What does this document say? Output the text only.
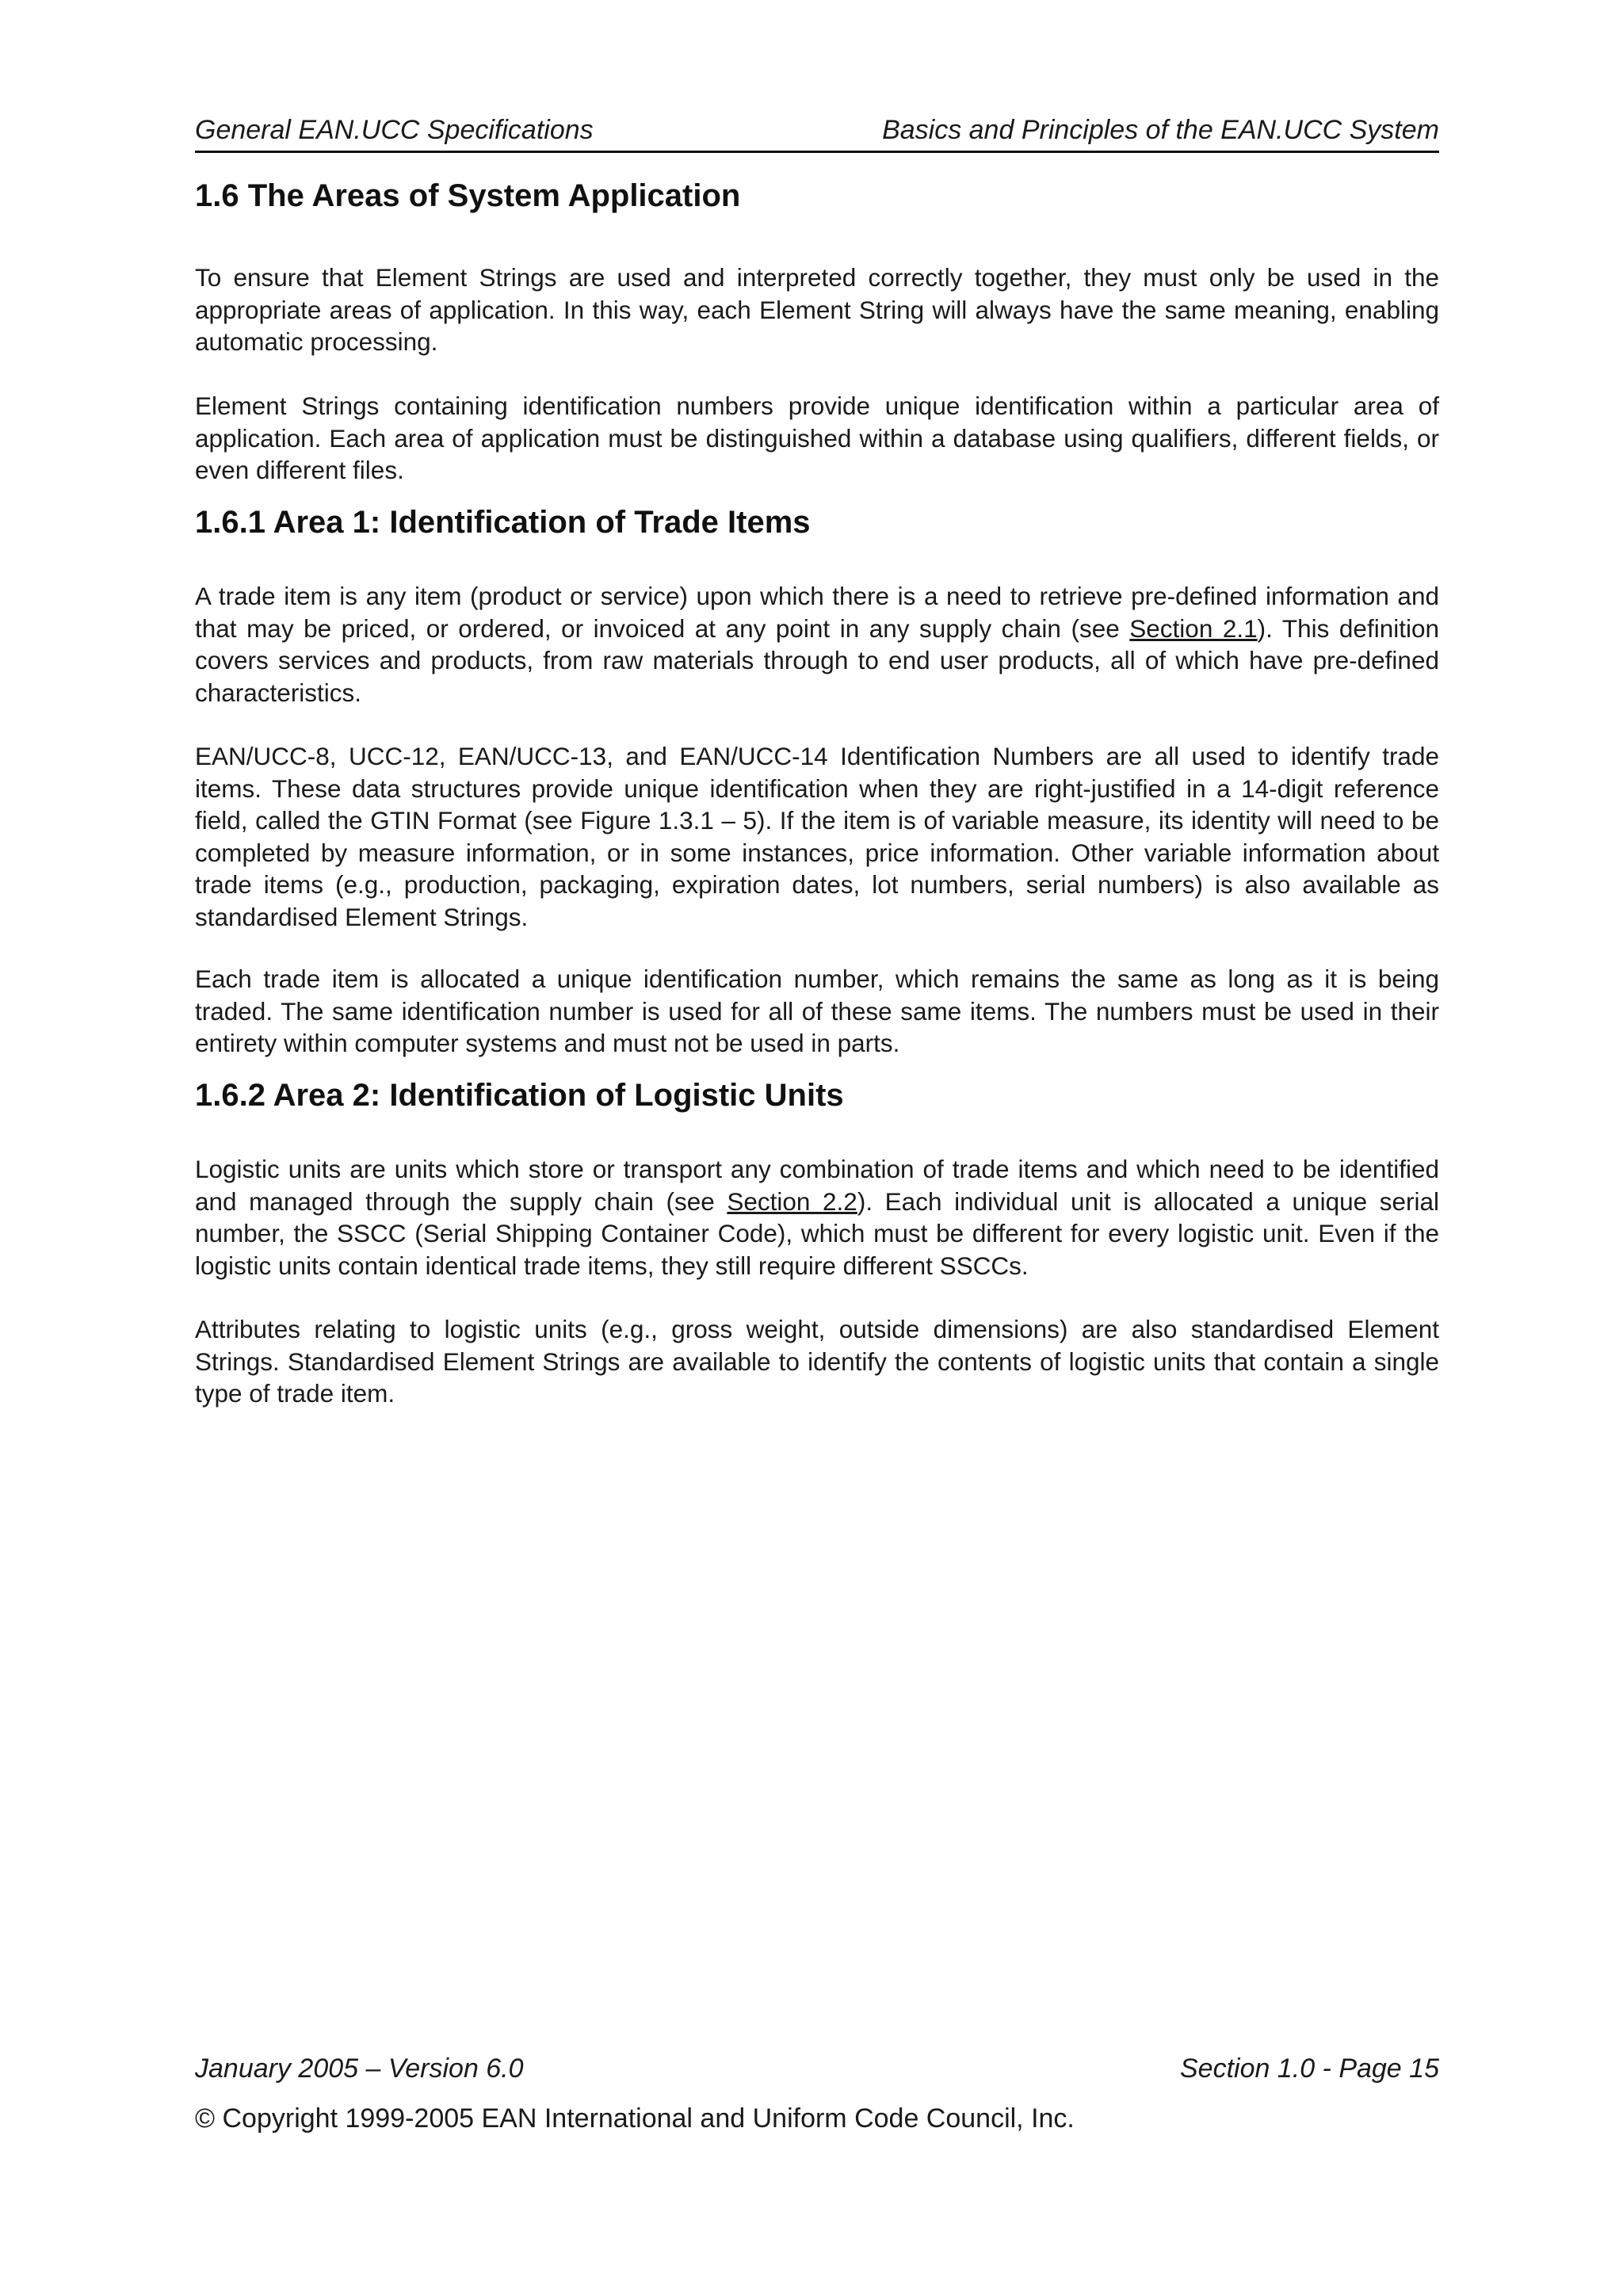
General EAN.UCC Specifications	Basics and Principles of the EAN.UCC System
1.6 The Areas of System Application

To ensure that Element Strings are used and interpreted correctly together, they must only be used in the appropriate areas of application. In this way, each Element String will always have the same meaning, enabling automatic processing.

Element Strings containing identification numbers provide unique identification within a particular area of application. Each area of application must be distinguished within a database using qualifiers, different fields, or even different files.

1.6.1 Area 1: Identification of Trade Items

A trade item is any item (product or service) upon which there is a need to retrieve pre-defined information and that may be priced, or ordered, or invoiced at any point in any supply chain (see Section 2.1). This definition covers services and products, from raw materials through to end user products, all of which have pre-defined characteristics.

EAN/UCC-8, UCC-12, EAN/UCC-13, and EAN/UCC-14 Identification Numbers are all used to identify trade items. These data structures provide unique identification when they are right-justified in a 14-digit reference field, called the GTIN Format (see Figure 1.3.1 – 5). If the item is of variable measure, its identity will need to be completed by measure information, or in some instances, price information. Other variable information about trade items (e.g., production, packaging, expiration dates, lot numbers, serial numbers) is also available as standardised Element Strings.

Each trade item is allocated a unique identification number, which remains the same as long as it is being traded. The same identification number is used for all of these same items. The numbers must be used in their entirety within computer systems and must not be used in parts.

1.6.2 Area 2: Identification of Logistic Units

Logistic units are units which store or transport any combination of trade items and which need to be identified and managed through the supply chain (see Section 2.2). Each individual unit is allocated a unique serial number, the SSCC (Serial Shipping Container Code), which must be different for every logistic unit. Even if the logistic units contain identical trade items, they still require different SSCCs.

Attributes relating to logistic units (e.g., gross weight, outside dimensions) are also standardised Element Strings. Standardised Element Strings are available to identify the contents of logistic units that contain a single type of trade item.

January 2005 – Version 6.0	Section 1.0 - Page 15
© Copyright 1999-2005 EAN International and Uniform Code Council, Inc.
